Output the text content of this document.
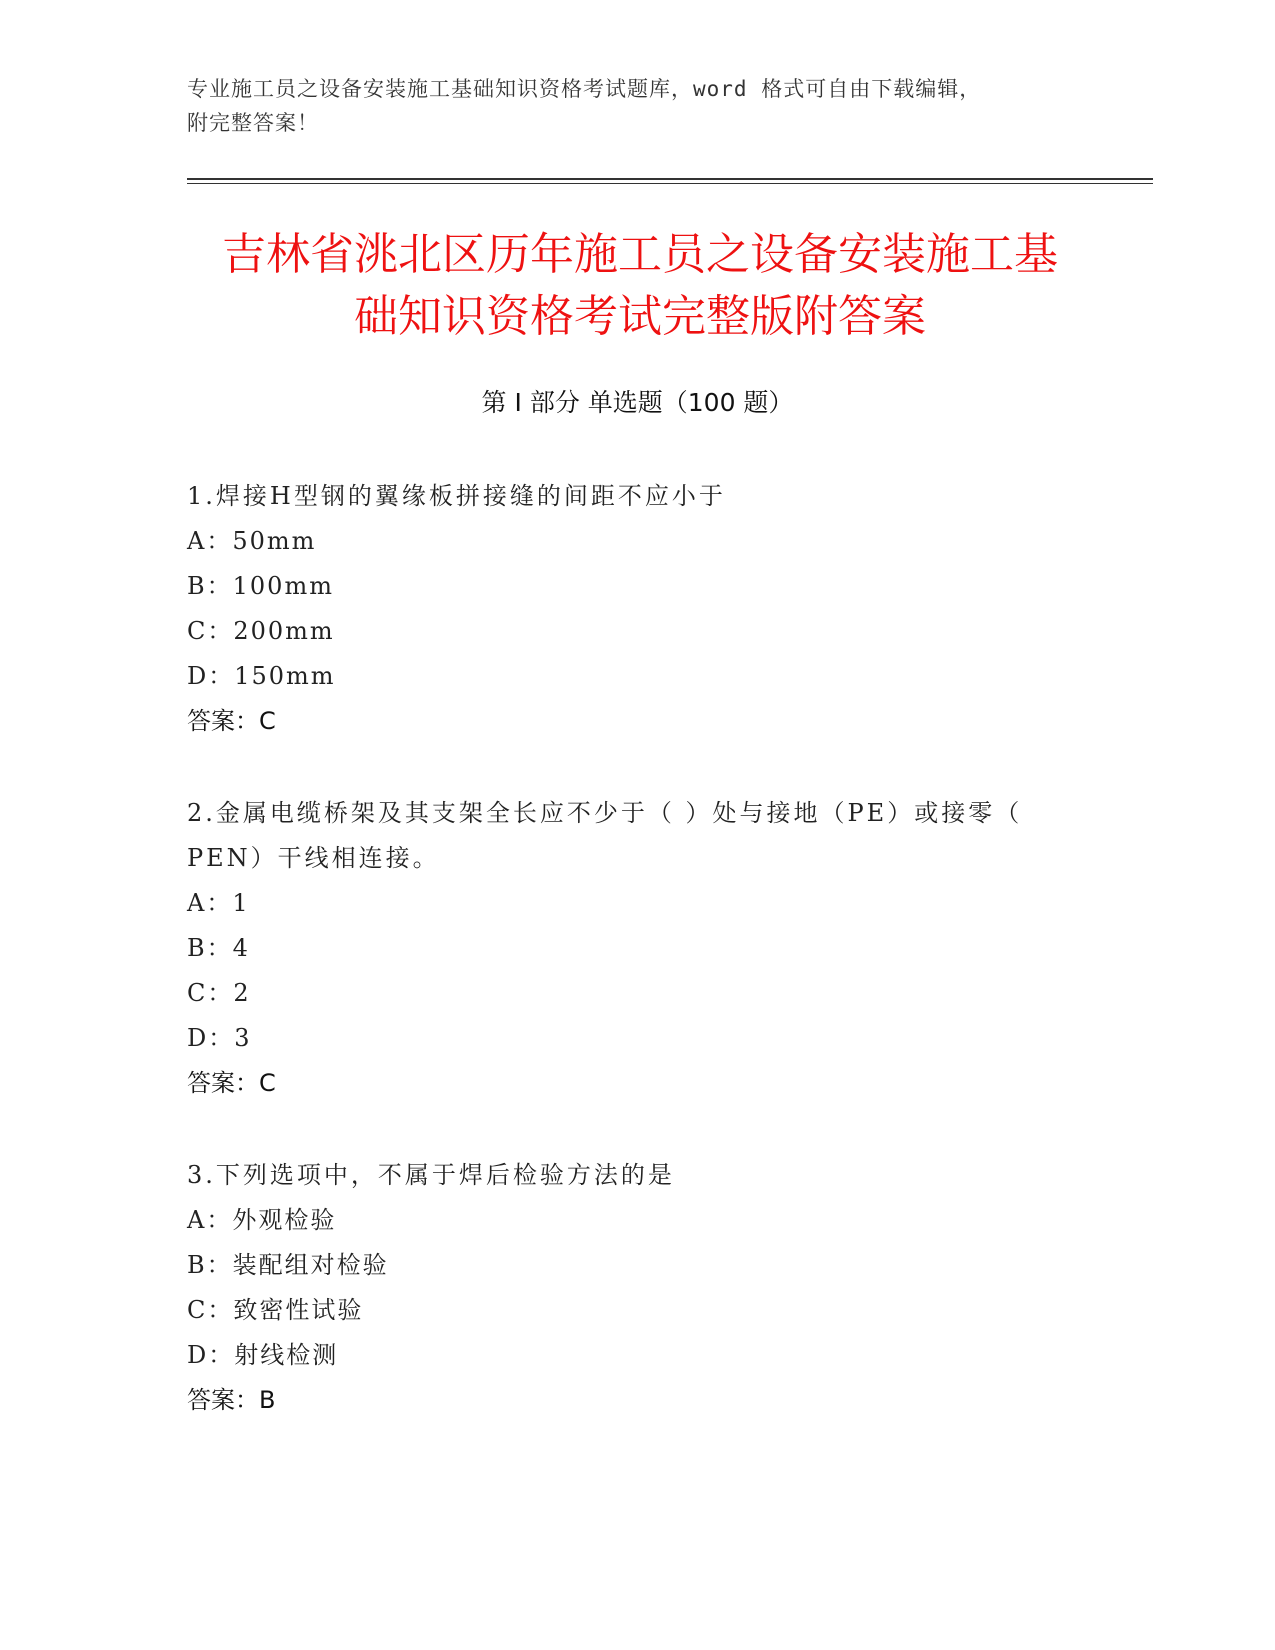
专业施工员之设备安装施工基础知识资格考试题库，word 格式可自由下载编辑，
附完整答案！
吉林省洮北区历年施工员之设备安装施工基
础知识资格考试完整版附答案
第 I 部分 单选题（100 题）
1.焊接H型钢的翼缘板拼接缝的间距不应小于
A：50mm
B：100mm
C：200mm
D：150mm
答案：C
2.金属电缆桥架及其支架全长应不少于（ ）处与接地（PE）或接零（
PEN）干线相连接。
A：1
B：4
C：2
D：3
答案：C
3.下列选项中，不属于焊后检验方法的是
A：外观检验
B：装配组对检验
C：致密性试验
D：射线检测
答案：B
